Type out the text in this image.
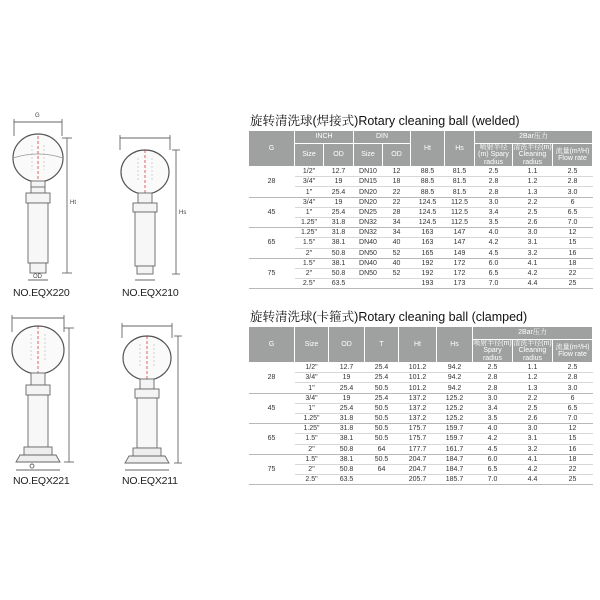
NO.EQX220	NO.EQX210
NO.EQX221	NO.EQX211
G
OD
Ht
Hs
旋转清洗球(焊接式)Rotary cleaning ball (welded)
G	INCH		DIN		Ht	Hs	2Bar压力		
	Size	OD	Size	OD			喷射半径(m) Spary radius	清洗半径(m) Cleaning radius	流量(m³/H) Flow rate
28	1/2"	12.7	DN10	12	88.5	81.5	2.5	1.1	2.5
	3/4"	19	DN15	18	88.5	81.5	2.8	1.2	2.8
	1"	25.4	DN20	22	88.5	81.5	2.8	1.3	3.0
45	3/4"	19	DN20	22	124.5	112.5	3.0	2.2	6
	1"	25.4	DN25	28	124.5	112.5	3.4	2.5	6.5
	1.25"	31.8	DN32	34	124.5	112.5	3.5	2.6	7.0
65	1.25"	31.8	DN32	34	163	147	4.0	3.0	12
	1.5"	38.1	DN40	40	163	147	4.2	3.1	15
	2"	50.8	DN50	52	165	149	4.5	3.2	16
75	1.5"	38.1	DN40	40	192	172	6.0	4.1	18
	2"	50.8	DN50	52	192	172	6.5	4.2	22
	2.5"	63.5			193	173	7.0	4.4	25
旋转清洗球(卡箍式)Rotary cleaning ball (clamped)
G	Size	OD	T	Ht	Hs	2Bar压力		
						喷射半径(m) Spary radius	清洗半径(m) Cleaning radius	流量(m³/H) Flow rate
28	1/2"	12.7	25.4	101.2	94.2	2.5	1.1	2.5
	3/4"	19	25.4	101.2	94.2	2.8	1.2	2.8
	1"	25.4	50.5	101.2	94.2	2.8	1.3	3.0
45	3/4"	19	25.4	137.2	125.2	3.0	2.2	6
	1"	25.4	50.5	137.2	125.2	3.4	2.5	6.5
	1.25"	31.8	50.5	137.2	125.2	3.5	2.6	7.0
65	1.25"	31.8	50.5	175.7	159.7	4.0	3.0	12
	1.5"	38.1	50.5	175.7	159.7	4.2	3.1	15
	2"	50.8	64	177.7	161.7	4.5	3.2	16
75	1.5"	38.1	50.5	204.7	184.7	6.0	4.1	18
	2"	50.8	64	204.7	184.7	6.5	4.2	22
	2.5"	63.5		205.7	185.7	7.0	4.4	25
